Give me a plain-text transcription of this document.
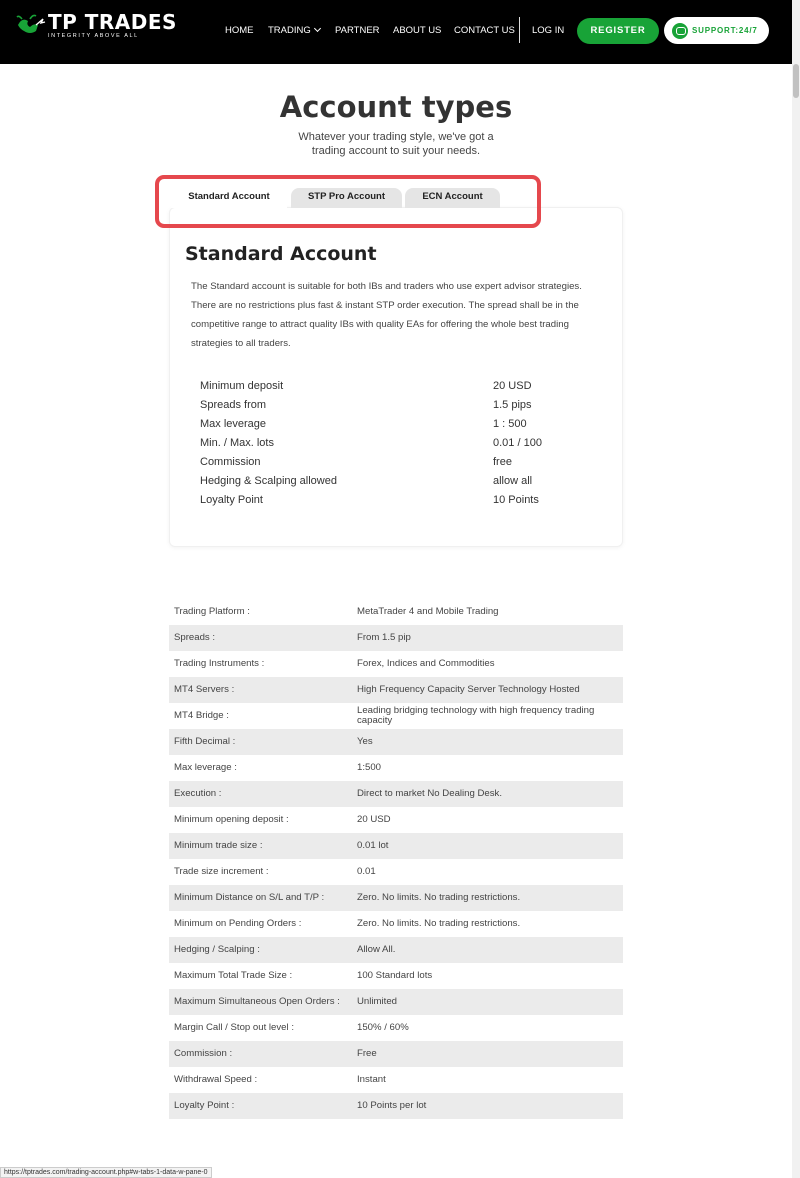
TP TRADES
INTEGRITY ABOVE ALL	HOME TRADING	PARTNER ABOUT US CONTACT US LOG IN	REGISTER	SUPPORT:24/7
Account types

Whatever your trading style, we've got a trading account to suit your needs.

Standard Account	STP Pro Account	ECN Account
Standard Account

The Standard account is suitable for both IBs and traders who use expert advisor strategies. There are no restrictions plus fast & instant STP order execution. The spread shall be in the competitive range to attract quality IBs with quality EAs for offering the whole best trading strategies to all traders.

Minimum deposit	20 USD
Spreads from	1.5 pips
Max leverage	1 : 500
Min. / Max. lots	0.01 / 100
Commission	free
Hedging & Scalping allowed	allow all
Loyalty Point	10 Points
Trading Platform :	MetaTrader 4 and Mobile Trading
Spreads :	From 1.5 pip
Trading Instruments :	Forex, Indices and Commodities
MT4 Servers :	High Frequency Capacity Server Technology Hosted
MT4 Bridge :	Leading bridging technology with high frequency trading capacity
Fifth Decimal :	Yes
Max leverage :	1:500
Execution :	Direct to market No Dealing Desk.
Minimum opening deposit :	20 USD
Minimum trade size :	0.01 lot
Trade size increment :	0.01
Minimum Distance on S/L and T/P :	Zero. No limits. No trading restrictions.
Minimum on Pending Orders :	Zero. No limits. No trading restrictions.
Hedging / Scalping :	Allow All.
Maximum Total Trade Size :	100 Standard lots
Maximum Simultaneous Open Orders :	Unlimited
Margin Call / Stop out level :	150% / 60%
Commission :	Free
Withdrawal Speed :	Instant
Loyalty Point :	10 Points per lot
https://tptrades.com/trading-account.php#w-tabs-1-data-w-pane-0
